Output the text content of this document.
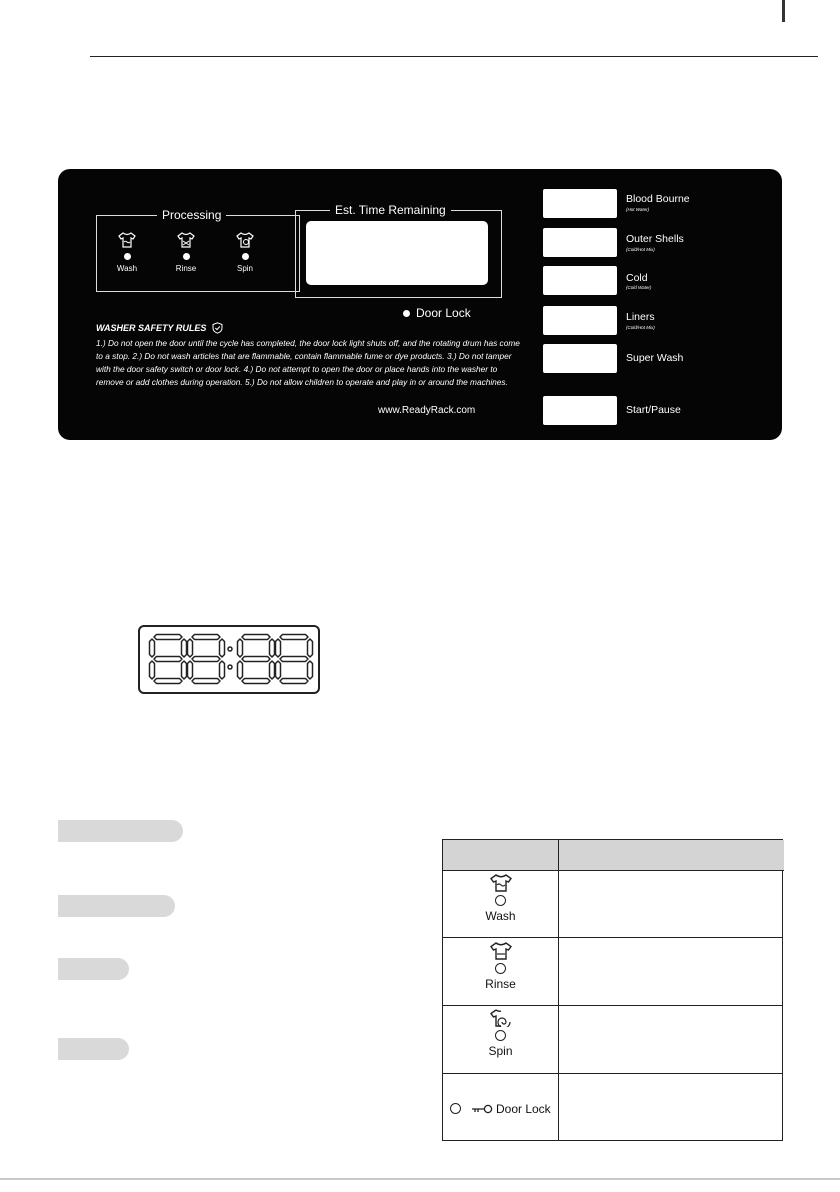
Processing
Wash	Rinse	Spin
Est. Time Remaining
Door Lock
WASHER SAFETY RULES
1.) Do not open the door until the cycle has completed, the door lock light shuts off, and the rotating drum has come to a stop. 2.) Do not wash articles that are flammable, contain flammable fume or dye products. 3.) Do not tamper with the door safety switch or door lock. 4.) Do not attempt to open the door or place hands into the washer to remove or add clothes during operation. 5.) Do not allow children to operate and play in or around the machines.
www.ReadyRack.com
Blood Bourne
(Hot Water)
Outer Shells
(Cold/Hot Mix)
Cold
(Cold Water)
Liners
(Cold/Hot Mix)
Super Wash
Start/Pause
Wash
Rinse
Spin
Door Lock
